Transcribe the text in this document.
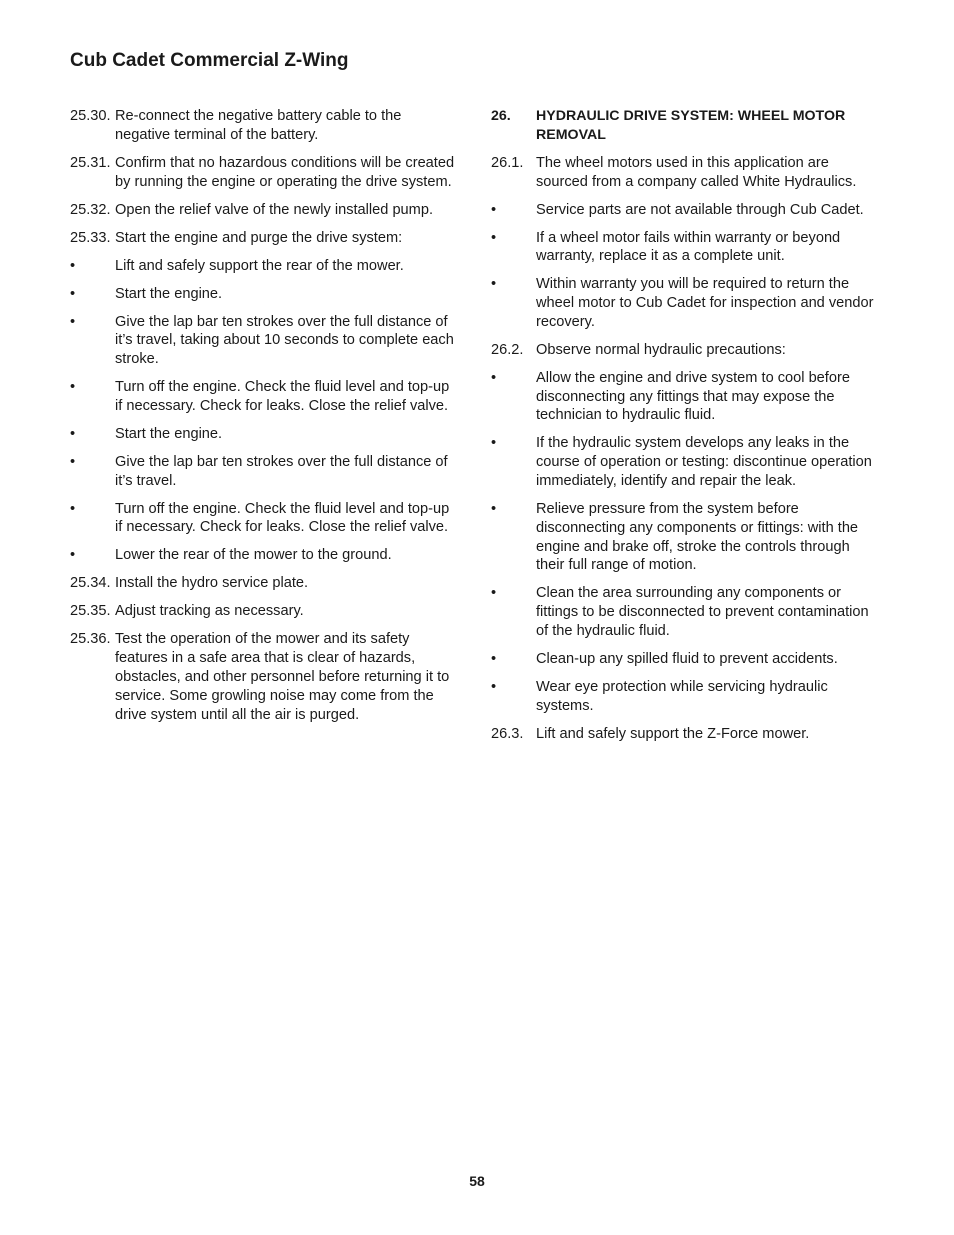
Cub Cadet Commercial Z-Wing
25.30. Re-connect the negative battery cable to the negative terminal of the battery.
25.31. Confirm that no hazardous conditions will be created by running the engine or operating the drive system.
25.32. Open the relief valve of the newly installed pump.
25.33. Start the engine and purge the drive system:
•	Lift and safely support the rear of the mower.
•	Start the engine.
•	Give the lap bar ten strokes over the full distance of it’s travel, taking about 10 seconds to complete each stroke.
•	Turn off the engine. Check the fluid level and top-up if necessary. Check for leaks. Close the relief valve.
•	Start the engine.
•	Give the lap bar ten strokes over the full distance of it’s travel.
•	Turn off the engine. Check the fluid level and top-up if necessary. Check for leaks. Close the relief valve.
•	Lower the rear of the mower to the ground.
25.34. Install the hydro service plate.
25.35. Adjust tracking as necessary.
25.36. Test the operation of the mower and its safety features in a safe area that is clear of hazards, obstacles, and other personnel before returning it to service. Some growling noise may come from the drive system until all the air is purged.
26.	HYDRAULIC DRIVE SYSTEM: WHEEL MOTOR REMOVAL
26.1. The wheel motors used in this application are sourced from a company called White Hydraulics.
•	Service parts are not available through Cub Cadet.
•	If a wheel motor fails within warranty or beyond warranty, replace it as a complete unit.
•	Within warranty you will be required to return the wheel motor to Cub Cadet for inspection and vendor recovery.
26.2. Observe normal hydraulic precautions:
•	Allow the engine and drive system to cool before disconnecting any fittings that may expose the technician to hydraulic fluid.
•	If the hydraulic system develops any leaks in the course of operation or testing: discontinue operation immediately, identify and repair the leak.
•	Relieve pressure from the system before disconnecting any components or fittings: with the engine and brake off, stroke the controls through their full range of motion.
•	Clean the area surrounding any components or fittings to be disconnected to prevent contamination of the hydraulic fluid.
•	Clean-up any spilled fluid to prevent accidents.
•	Wear eye protection while servicing hydraulic systems.
26.3. Lift and safely support the Z-Force mower.
58
